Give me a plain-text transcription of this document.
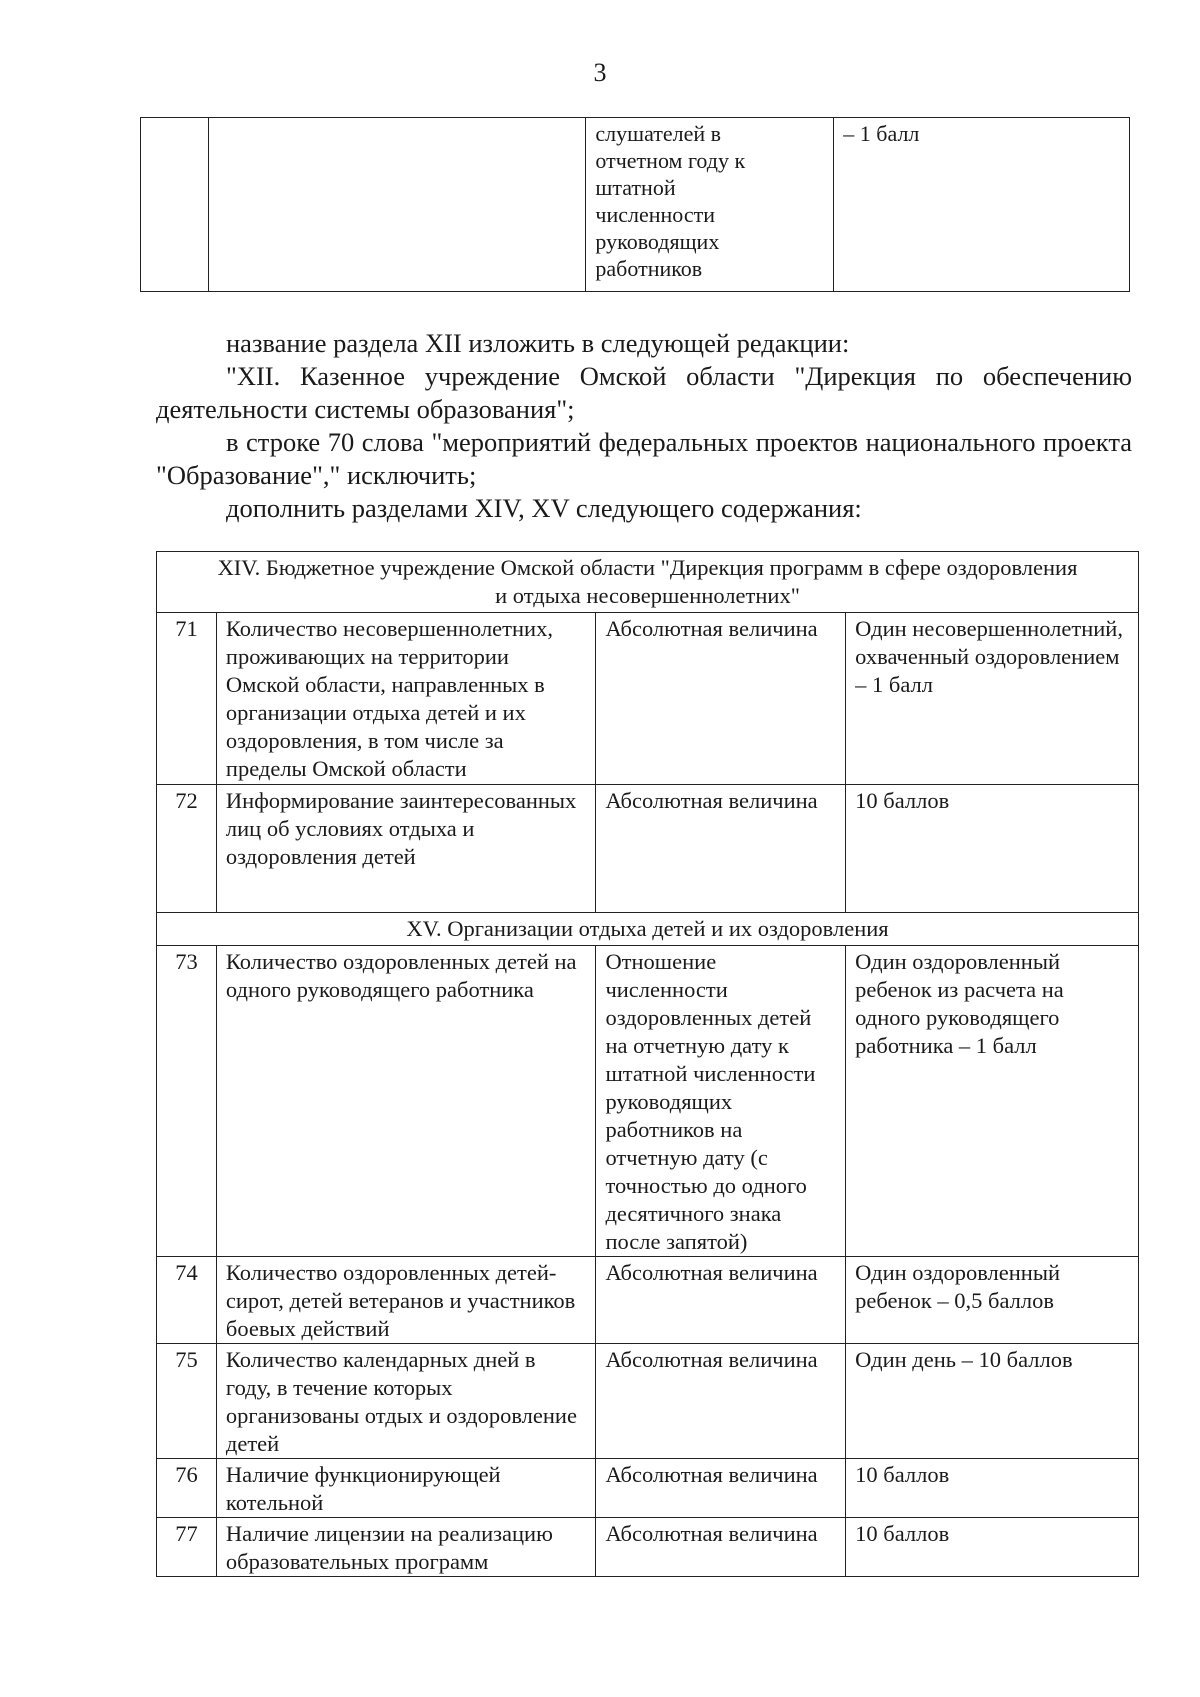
3
		слушателей в отчетном году к штатной численности руководящих работников	– 1 балл
название раздела XII изложить в следующей редакции:
"XII. Казенное учреждение Омской области "Дирекция по обеспечению деятельности системы образования";
в строке 70 слова "мероприятий федеральных проектов национального проекта "Образование"," исключить;
дополнить разделами XIV, XV следующего содержания:
XIV. Бюджетное учреждение Омской области "Дирекция программ в сфере оздоровления и отдыха несовершеннолетних"			
71	Количество несовершеннолетних, проживающих на территории Омской области, направленных в организации отдыха детей и их оздоровления, в том числе за пределы Омской области	Абсолютная величина	Один несовершеннолетний, охваченный оздоровлением – 1 балл
72	Информирование заинтересованных лиц об условиях отдыха и оздоровления детей	Абсолютная величина	10 баллов
XV. Организации отдыха детей и их оздоровления			
73	Количество оздоровленных детей на одного руководящего работника	Отношение численности оздоровленных детей на отчетную дату к штатной численности руководящих работников на отчетную дату (с точностью до одного десятичного знака после запятой)	Один оздоровленный ребенок из расчета на одного руководящего работника – 1 балл
74	Количество оздоровленных детей-сирот, детей ветеранов и участников боевых действий	Абсолютная величина	Один оздоровленный ребенок – 0,5 баллов
75	Количество календарных дней в году, в течение которых организованы отдых и оздоровление детей	Абсолютная величина	Один день – 10 баллов
76	Наличие функционирующей котельной	Абсолютная величина	10 баллов
77	Наличие лицензии на реализацию образовательных программ	Абсолютная величина	10 баллов
